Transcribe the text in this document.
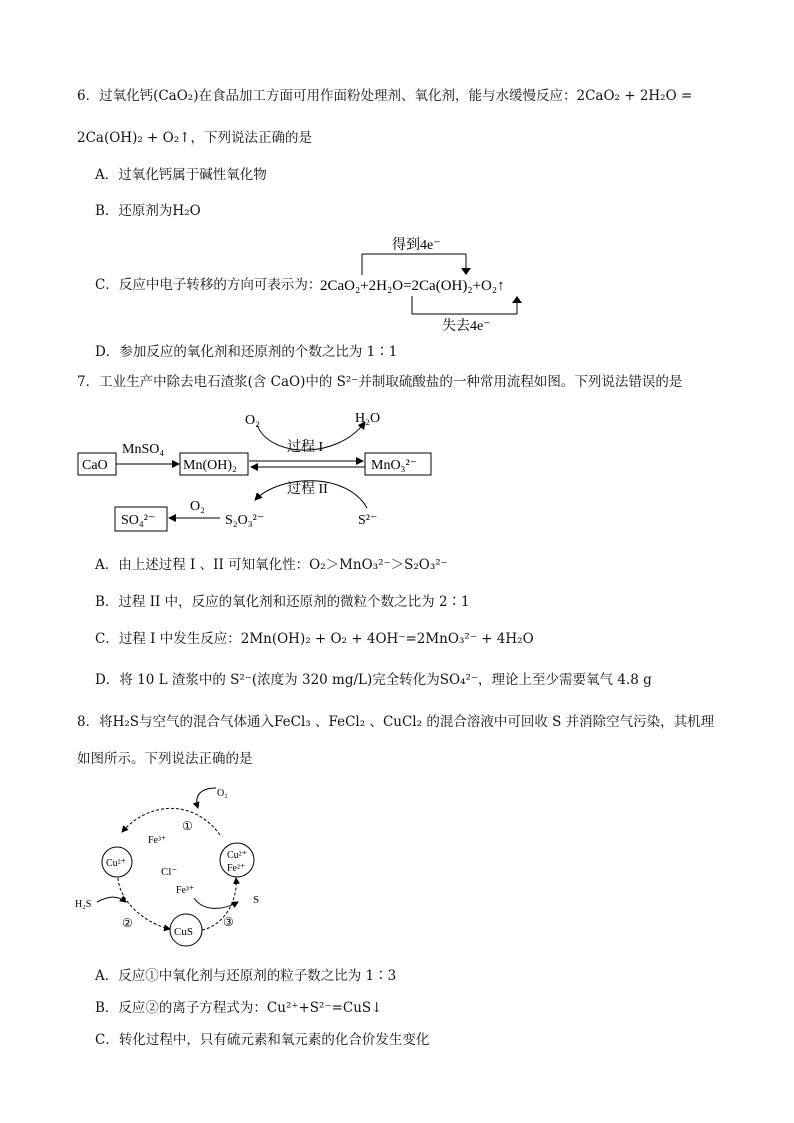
6．过氧化钙(CaO₂)在食品加工方面可用作面粉处理剂、氧化剂，能与水缓慢反应：2CaO₂ + 2H₂O =
2Ca(OH)₂ + O₂↑，下列说法正确的是
A．过氧化钙属于碱性氧化物
B．还原剂为H₂O
C．反应中电子转移的方向可表示为：
得到4e⁻
2CaO₂+2H₂O=2Ca(OH)₂+O₂↑
失去4e⁻
D．参加反应的氧化剂和还原剂的个数之比为 1∶1
7．工业生产中除去电石渣浆(含 CaO)中的 S²⁻并制取硫酸盐的一种常用流程如图。下列说法错误的是
O₂	H₂O
CaO
MnSO₄
Mn(OH)₂	MnO₃²⁻
过程 I
过程 II
SO₄²⁻
O₂
S₂O₃²⁻	S²⁻
A．由上述过程 I 、II 可知氧化性：O₂＞MnO₃²⁻＞S₂O₃²⁻
B．过程 II 中，反应的氧化剂和还原剂的微粒个数之比为 2∶1
C．过程 I 中发生反应：2Mn(OH)₂ + O₂ + 4OH⁻=2MnO₃²⁻ + 4H₂O
D．将 10 L 渣浆中的 S²⁻(浓度为 320 mg/L)完全转化为SO₄²⁻，理论上至少需要氧气 4.8 g
8．将H₂S与空气的混合气体通入FeCl₃ 、FeCl₂ 、CuCl₂ 的混合溶液中可回收 S 并消除空气污染，其机理
如图所示。下列说法正确的是
O₂
①
Fe³⁺
Cu²⁺
Cl⁻
Cu²⁺
Fe²⁺
H₂S
②
CuS
Fe³⁺
③
S
A．反应①中氧化剂与还原剂的粒子数之比为 1∶3
B．反应②的离子方程式为：Cu²⁺+S²⁻=CuS↓
C．转化过程中，只有硫元素和氧元素的化合价发生变化
